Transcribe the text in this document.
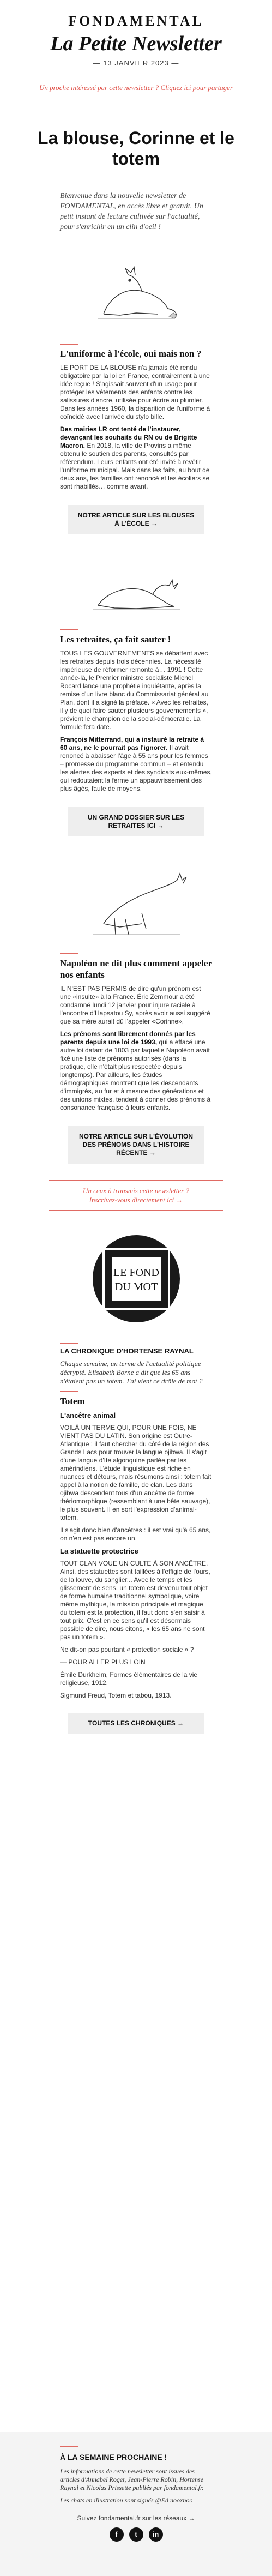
FONDAMENTAL
La Petite Newsletter
— 13 JANVIER 2023 —
Un proche intéressé par cette newsletter ? Cliquez ici pour partager
La blouse, Corinne et le totem
Bienvenue dans la nouvelle newsletter de FONDAMENTAL, en accès libre et gratuit. Un petit instant de lecture cultivée sur l'actualité, pour s'enrichir en un clin d'oeil !
L'uniforme à l'école, oui mais non ?

LE PORT DE LA BLOUSE n'a jamais été rendu obligatoire par la loi en France, contrairement à une idée reçue ! S'agissait souvent d'un usage pour protéger les vêtements des enfants contre les salissures d'encre, utilisée pour écrire au plumier. Dans les années 1960, la disparition de l'uniforme à coïncidé avec l'arrivée du stylo bille.

Des mairies LR ont tenté de l'instaurer, devançant les souhaits du RN ou de Brigitte Macron. En 2018, la ville de Provins a même obtenu le soutien des parents, consultés par référendum. Leurs enfants ont été invité à revêtir l'uniforme municipal. Mais dans les faits, au bout de deux ans, les familles ont renoncé et les écoliers se sont rhabillés… comme avant.

NOTRE ARTICLE SUR LES BLOUSES À L'ÉCOLE →
Les retraites, ça fait sauter !

TOUS LES GOUVERNEMENTS se débattent avec les retraites depuis trois décennies. La nécessité impérieuse de réformer remonte à… 1991 ! Cette année-là, le Premier ministre socialiste Michel Rocard lance une prophétie inquiétante, après la remise d'un livre blanc du Commissariat général au Plan, dont il a signé la préface. « Avec les retraites, il y de quoi faire sauter plusieurs gouvernements », prévient le champion de la social-démocratie. La formule fera date.

François Mitterrand, qui a instauré la retraite à 60 ans, ne le pourrait pas l'ignorer. Il avait renoncé à abaisser l'âge à 55 ans pour les femmes – promesse du programme commun – et entendu les alertes des experts et des syndicats eux-mêmes, qui redoutaient la ferme un appauvrissement des plus âgés, faute de moyens.

UN GRAND DOSSIER SUR LES RETRAITES ICI →
Napoléon ne dit plus comment appeler nos enfants

IL N'EST PAS PERMIS de dire qu'un prénom est une «insulte» à la France. Éric Zemmour a été condamné lundi 12 janvier pour injure raciale à l'encontre d'Hapsatou Sy, après avoir aussi suggéré que sa mère aurait dû l'appeler «Corinne».

Les prénoms sont librement donnés par les parents depuis une loi de 1993, qui a effacé une autre loi datant de 1803 par laquelle Napoléon avait fixé une liste de prénoms autorisés (dans la pratique, elle n'était plus respectée depuis longtemps). Par ailleurs, les études démographiques montrent que les descendants d'immigrés, au fur et à mesure des générations et des unions mixtes, tendent à donner des prénoms à consonance française à leurs enfants.

NOTRE ARTICLE SUR L'ÉVOLUTION DES PRÉNOMS DANS L'HISTOIRE RÉCENTE →
Un ceux à transmis cette newsletter ?
Inscrivez-vous directement ici →
LE FOND
DU MOT
LA CHRONIQUE D'HORTENSE RAYNAL

Chaque semaine, un terme de l'actualité politique décrypté. Elisabeth Borne a dit que les 65 ans n'étaient pas un totem. J'ai vient ce drôle de mot ?

Totem
L'ancêtre animal

VOILÀ UN TERME QUI, POUR UNE FOIS, NE VIENT PAS DU LATIN. Son origine est Outre-Atlantique : il faut chercher du côté de la région des Grands Lacs pour trouver la langue ojibwa. Il s'agit d'une langue d'Ite algonquine parlée par les amérindiens. L'étude linguistique est riche en nuances et détours, mais résumons ainsi : totem fait appel à la notion de famille, de clan. Les dans ojibwa descendent tous d'un ancêtre de forme thériomorphique (ressemblant à une bête sauvage), le plus souvent. Il en sort l'expression d'animal-totem.

Il s'agit donc bien d'ancêtres : il est vrai qu'à 65 ans, on n'en est pas encore un.

La statuette protectrice

TOUT CLAN VOUE UN CULTE À SON ANCÊTRE. Ainsi, des statuettes sont taillées à l'effigie de l'ours, de la louve, du sanglier... Avec le temps et les glissement de sens, un totem est devenu tout objet de forme humaine traditionnel symbolique, voire même mythique, la mission principale et magique du totem est la protection, il faut donc s'en saisir à tout prix. C'est en ce sens qu'il est désormais possible de dire, nous citons, « les 65 ans ne sont pas un totem ».

Ne dit-on pas pourtant « protection sociale » ?

— POUR ALLER PLUS LOIN

Émile Durkheim, Formes élémentaires de la vie religieuse, 1912.

Sigmund Freud, Totem et tabou, 1913.

TOUTES LES CHRONIQUES →
À LA SEMAINE PROCHAINE !

Les informations de cette newsletter sont issues des articles d'Annabel Roger, Jean-Pierre Robin, Hortense Raynal et Nicolas Prissette publiés par fondamental.fr.

Les chats en illustration sont signés @Ed nooxnoo

Suivez fondamental.fr sur les réseaux →
f	t	in
